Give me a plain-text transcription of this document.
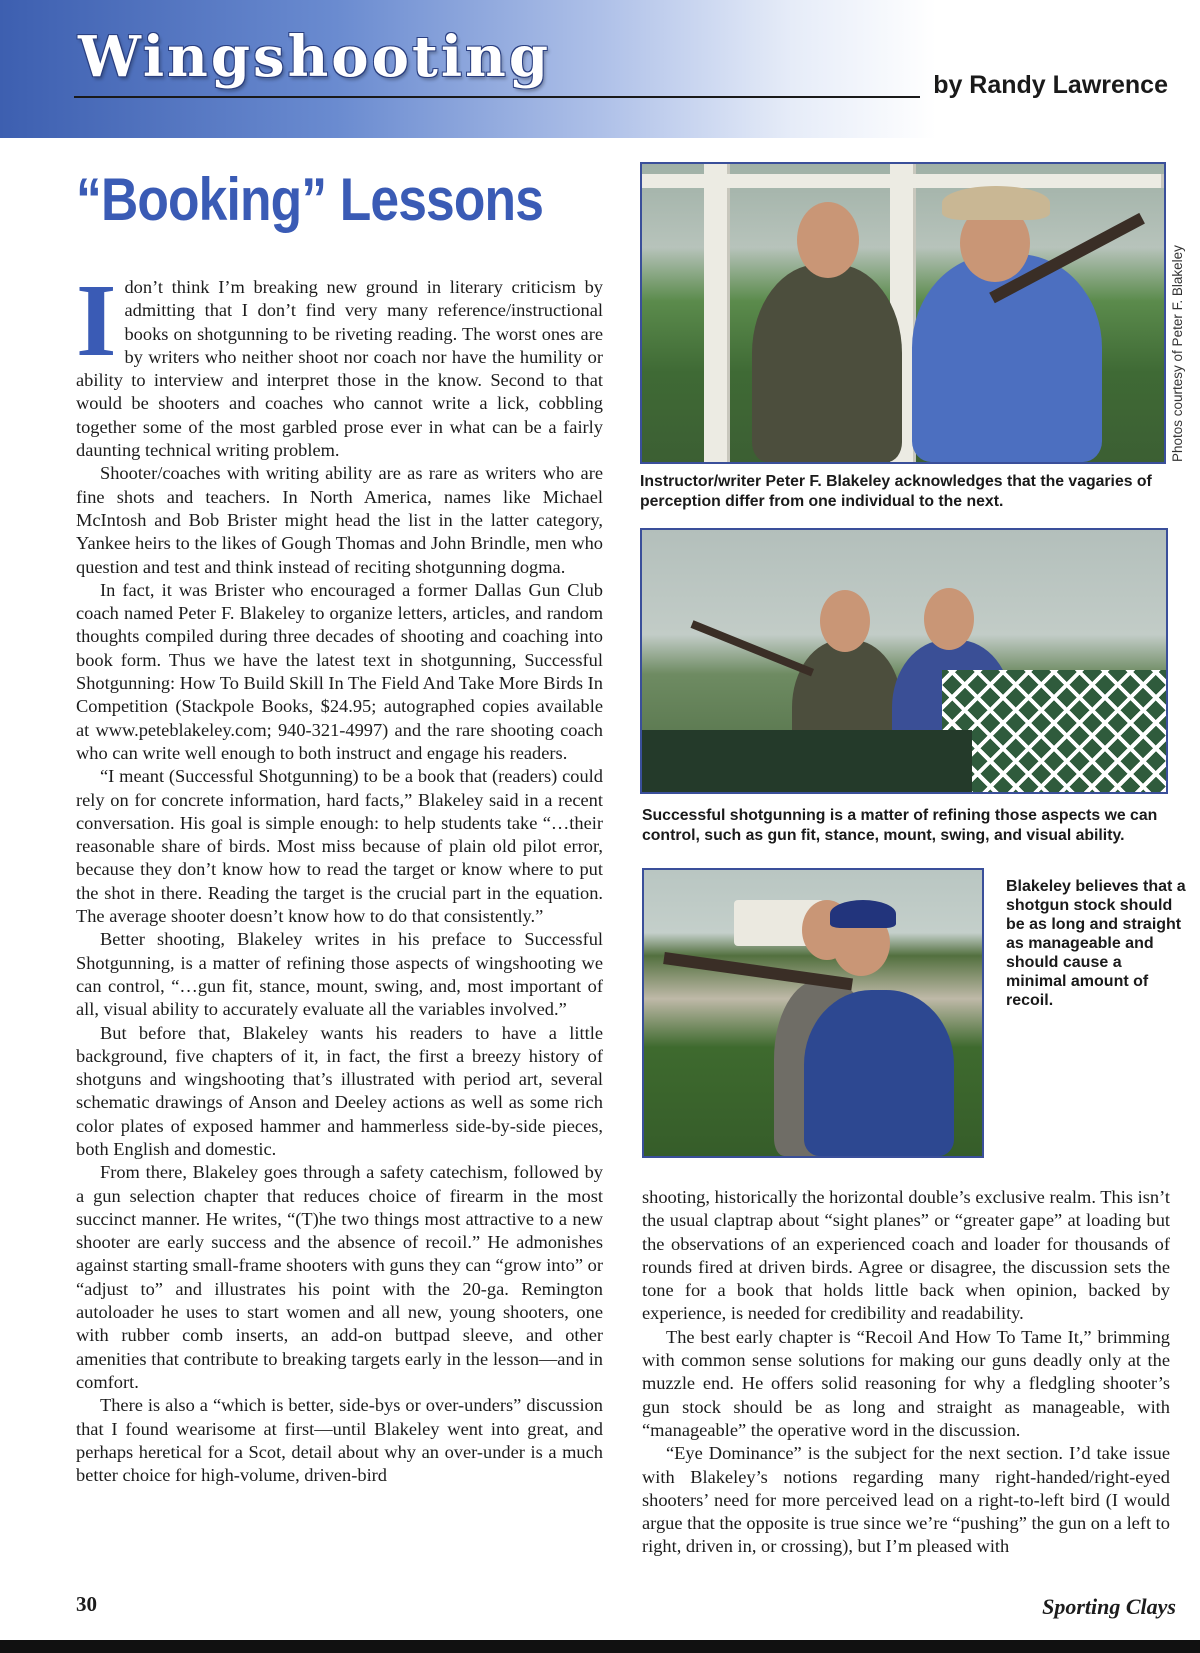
Wingshooting	by Randy Lawrence
“Booking” Lessons

Idon’t think I’m breaking new ground in literary criticism by admitting that I don’t find very many reference/instructional books on shotgunning to be riveting reading. The worst ones are by writers who neither shoot nor coach nor have the humility or ability to interview and interpret those in the know. Second to that would be shooters and coaches who cannot write a lick, cobbling together some of the most garbled prose ever in what can be a fairly daunting technical writing problem.

Shooter/coaches with writing ability are as rare as writers who are fine shots and teachers. In North America, names like Michael McIntosh and Bob Brister might head the list in the latter category, Yankee heirs to the likes of Gough Thomas and John Brindle, men who question and test and think instead of reciting shotgunning dogma.

In fact, it was Brister who encouraged a former Dallas Gun Club coach named Peter F. Blakeley to organize letters, articles, and random thoughts compiled during three decades of shooting and coaching into book form. Thus we have the latest text in shotgunning, Successful Shotgunning: How To Build Skill In The Field And Take More Birds In Competition (Stackpole Books, $24.95; autographed copies available at www.peteblakeley.com; 940-321-4997) and the rare shooting coach who can write well enough to both instruct and engage his readers.

“I meant (Successful Shotgunning) to be a book that (readers) could rely on for concrete information, hard facts,” Blakeley said in a recent conversation. His goal is simple enough: to help students take “…their reasonable share of birds. Most miss because of plain old pilot error, because they don’t know how to read the target or know where to put the shot in there. Reading the target is the crucial part in the equation. The average shooter doesn’t know how to do that consistently.”

Better shooting, Blakeley writes in his preface to Successful Shotgunning, is a matter of refining those aspects of wingshooting we can control, “…gun fit, stance, mount, swing, and, most important of all, visual ability to accurately evaluate all the variables involved.”

But before that, Blakeley wants his readers to have a little background, five chapters of it, in fact, the first a breezy history of shotguns and wingshooting that’s illustrated with period art, several schematic drawings of Anson and Deeley actions as well as some rich color plates of exposed hammer and hammerless side-by-side pieces, both English and domestic.

From there, Blakeley goes through a safety catechism, followed by a gun selection chapter that reduces choice of firearm in the most succinct manner. He writes, “(T)he two things most attractive to a new shooter are early success and the absence of recoil.” He admonishes against starting small-frame shooters with guns they can “grow into” or “adjust to” and illustrates his point with the 20-ga. Remington autoloader he uses to start women and all new, young shooters, one with rubber comb inserts, an add-on buttpad sleeve, and other amenities that contribute to breaking targets early in the lesson—and in comfort.

There is also a “which is better, side-bys or over-unders” discussion that I found wearisome at first—until Blakeley went into great, and perhaps heretical for a Scot, detail about why an over-under is a much better choice for high-volume, driven-bird

Photos courtesy of Peter F. Blakeley
Instructor/writer Peter F. Blakeley acknowledges that the vagaries of perception differ from one individual to the next.
Successful shotgunning is a matter of refining those aspects we can control, such as gun fit, stance, mount, swing, and visual ability.
Blakeley believes that a shotgun stock should be as long and straight as manageable and should cause a minimal amount of recoil.

shooting, historically the horizontal double’s exclusive realm. This isn’t the usual claptrap about “sight planes” or “greater gape” at loading but the observations of an experienced coach and loader for thousands of rounds fired at driven birds. Agree or disagree, the discussion sets the tone for a book that holds little back when opinion, backed by experience, is needed for credibility and readability.

The best early chapter is “Recoil And How To Tame It,” brimming with common sense solutions for making our guns deadly only at the muzzle end. He offers solid reasoning for why a fledgling shooter’s gun stock should be as long and straight as manageable, with “manageable” the operative word in the discussion.

“Eye Dominance” is the subject for the next section. I’d take issue with Blakeley’s notions regarding many right-handed/right-eyed shooters’ need for more perceived lead on a right-to-left bird (I would argue that the opposite is true since we’re “pushing” the gun on a left to right, driven in, or crossing), but I’m pleased with

30	Sporting Clays
